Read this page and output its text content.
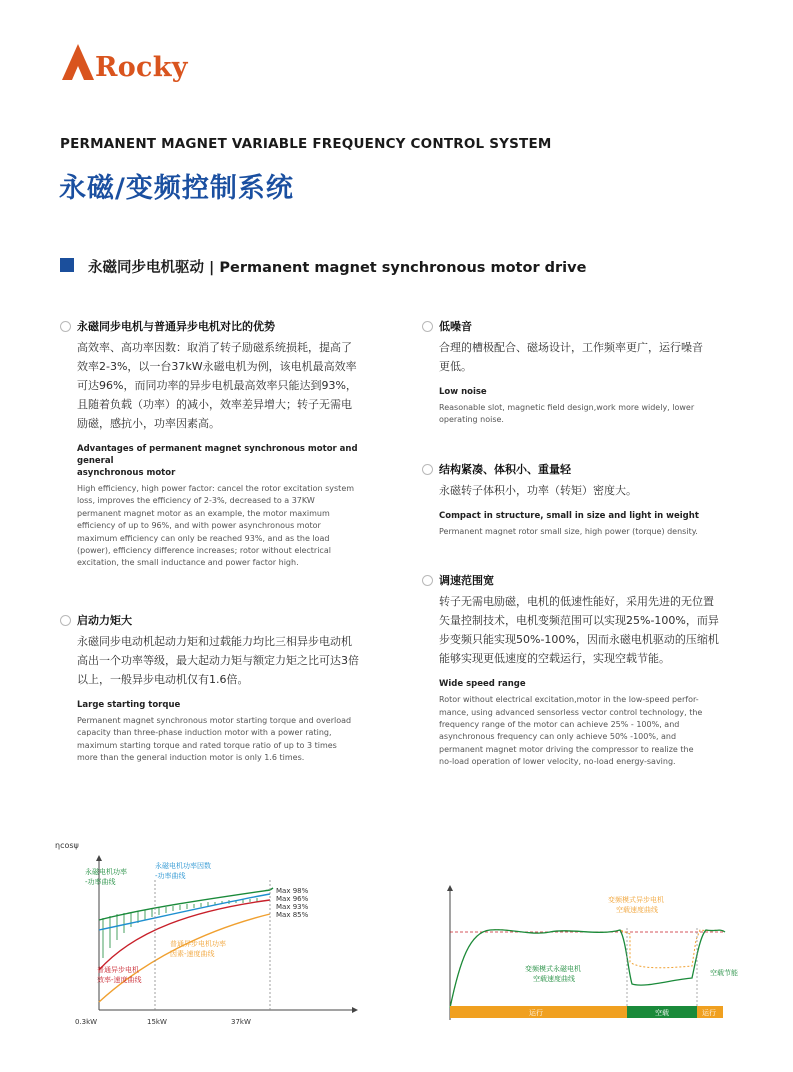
Rocky
PERMANENT MAGNET VARIABLE FREQUENCY CONTROL SYSTEM
永磁/变频控制系统
永磁同步电机驱动 | Permanent magnet synchronous motor drive
永磁同步电机与普通异步电机对比的优势
高效率、高功率因数：取消了转子励磁系统损耗，提高了
效率2-3%，以一台37kW永磁电机为例，该电机最高效率
可达96%，而同功率的异步电机最高效率只能达到93%，
且随着负载（功率）的减小，效率差异增大；转子无需电
励磁，感抗小，功率因素高。
Advantages of permanent magnet synchronous motor and general
asynchronous motor
High efficiency, high power factor: cancel the rotor excitation system
loss, improves the efficiency of 2-3%, decreased to a 37KW
permanent magnet motor as an example, the motor maximum
efficiency of up to 96%, and with power asynchronous motor
maximum efficiency can only be reached 93%, and as the load
(power), efficiency difference increases; rotor without electrical
excitation, the small inductance and power factor high.
启动力矩大
永磁同步电动机起动力矩和过载能力均比三相异步电动机
高出一个功率等级，最大起动力矩与额定力矩之比可达3倍
以上，一般异步电动机仅有1.6倍。
Large starting torque
Permanent magnet synchronous motor starting torque and overload
capacity than three-phase induction motor with a power rating,
maximum starting torque and rated torque ratio of up to 3 times
more than the general induction motor is only 1.6 times.
低噪音
合理的槽极配合、磁场设计，工作频率更广，运行噪音
更低。
Low noise
Reasonable slot, magnetic field design,work more widely, lower
operating noise.
结构紧凑、体积小、重量轻
永磁转子体积小，功率（转矩）密度大。
Compact in structure, small in size and light in weight
Permanent magnet rotor small size, high power (torque) density.
调速范围宽
转子无需电励磁，电机的低速性能好，采用先进的无位置
矢量控制技术，电机变频范围可以实现25%-100%，而异
步变频只能实现50%-100%，因而永磁电机驱动的压缩机
能够实现更低速度的空载运行，实现空载节能。
Wide speed range
Rotor without electrical excitation,motor in the low-speed perfor-
mance, using advanced sensorless vector control technology, the
frequency range of the motor can achieve 25% - 100%, and
asynchronous frequency can only achieve 50% -100%, and
permanent magnet motor driving the compressor to realize the
no-load operation of lower velocity, no-load energy-saving.
ηcosψ
永磁电机功率
-功率曲线
永磁电机功率因数
-功率曲线
普通异步电机
效率-速度曲线
普通异步电机功率
因素-速度曲线
Max 98%
Max 96%
Max 93%
Max 85%
0.3kW	15kW	37kW
变频模式异步电机
空载速度曲线
变频模式永磁电机
空载速度曲线
空载节能
运行	空载	运行
